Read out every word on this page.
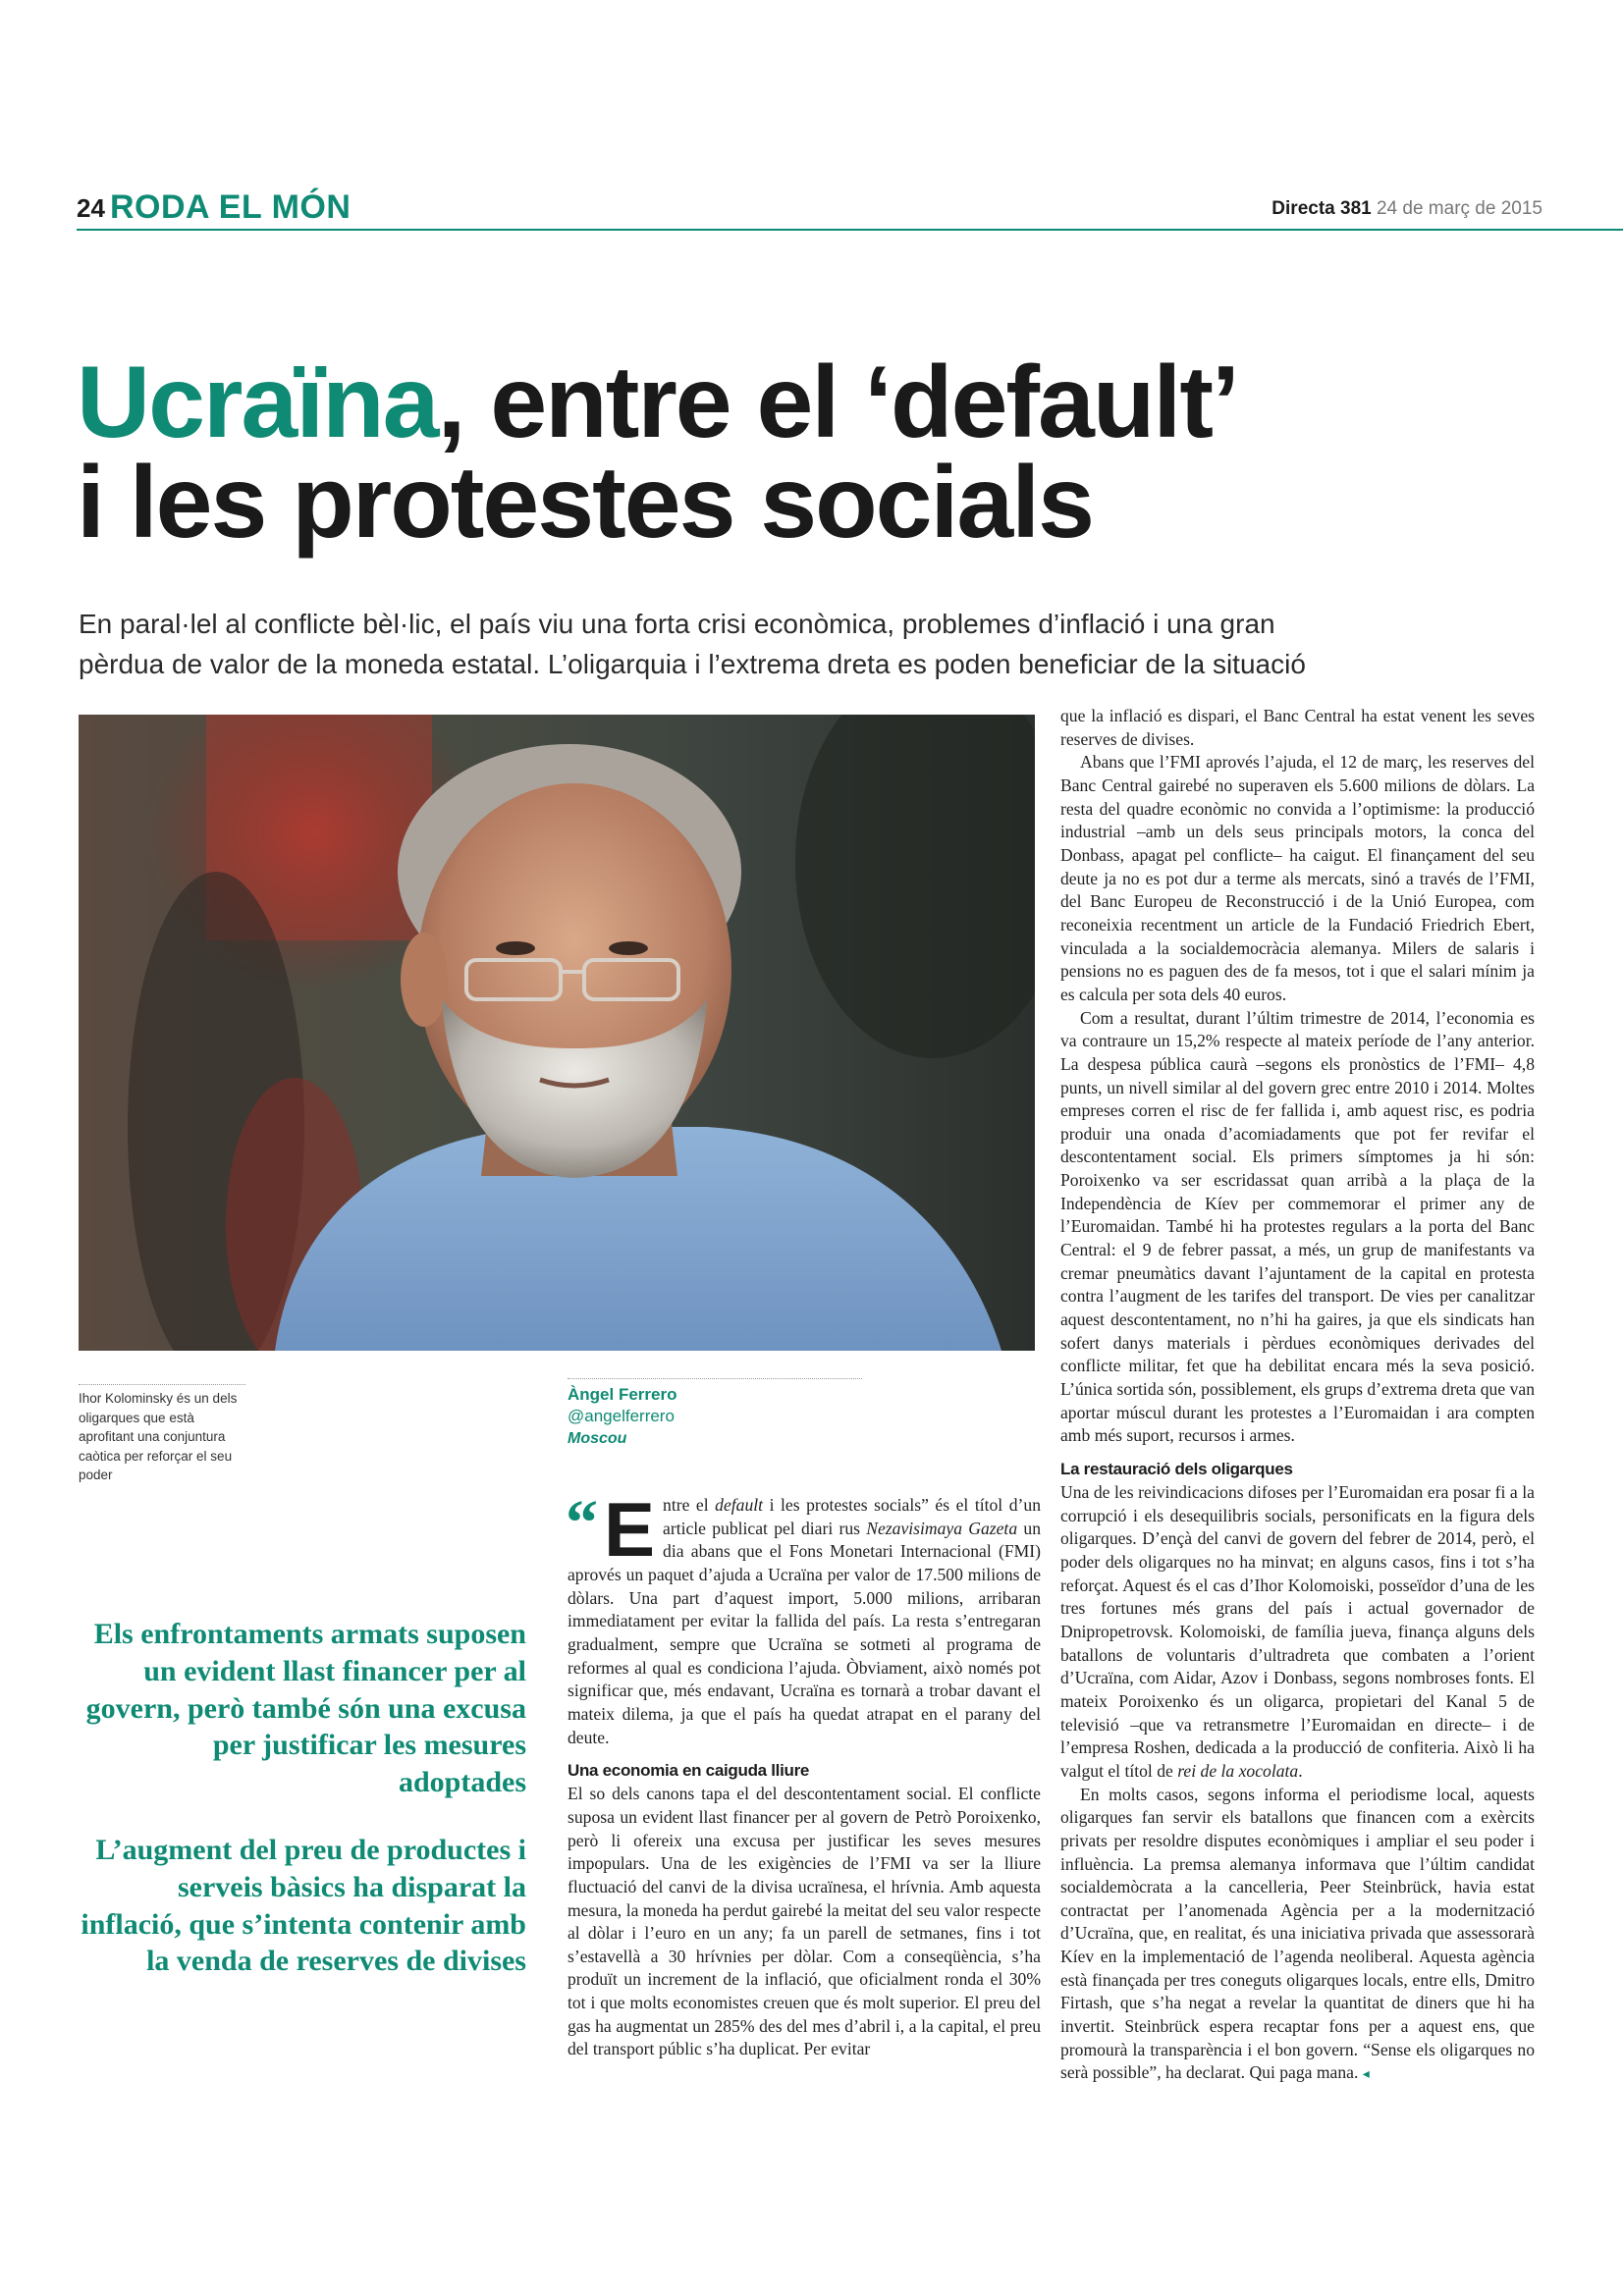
24 RODA EL MÓN	Directa 381 24 de març de 2015
Ucraïna, entre el ‘default’
i les protestes socials
En paral·lel al conflicte bèl·lic, el país viu una forta crisi econòmica, problemes d’inflació i una gran
pèrdua de valor de la moneda estatal. L’oligarquia i l’extrema dreta es poden beneficiar de la situació
Ihor Kolominsky és un dels oligarques que està aprofitant una conjuntura caòtica per reforçar el seu poder
Àngel Ferrero
@angelferrero
Moscou
Els enfrontaments armats suposen un evident llast financer per al govern, però també són una excusa per justificar les mesures adoptades
L’augment del preu de productes i serveis bàsics ha disparat la inflació, que s’intenta contenir amb la venda de reserves de divises

“ E ntre el default i les protestes socials” és el títol d’un article publicat pel diari rus Nezavisimaya Gazeta un dia abans que el Fons Monetari Internacional (FMI) aprovés un paquet d’ajuda a Ucraïna per valor de 17.500 milions de dòlars. Una part d’aquest import, 5.000 milions, arribaran immediatament per evitar la fallida del país. La resta s’entregaran gradualment, sempre que Ucraïna se sotmeti al programa de reformes al qual es condiciona l’ajuda. Òbviament, això només pot significar que, més endavant, Ucraïna es tornarà a trobar davant el mateix dilema, ja que el país ha quedat atrapat en el parany del deute.

Una economia en caiguda lliure

El so dels canons tapa el del descontentament social. El conflicte suposa un evident llast financer per al govern de Petrò Poroixenko, però li ofereix una excusa per justificar les seves mesures impopulars. Una de les exigències de l’FMI va ser la lliure fluctuació del canvi de la divisa ucraïnesa, el hrívnia. Amb aquesta mesura, la moneda ha perdut gairebé la meitat del seu valor respecte al dòlar i l’euro en un any; fa un parell de setmanes, fins i tot s’estavellà a 30 hrívnies per dòlar. Com a conseqüència, s’ha produït un increment de la inflació, que oficialment ronda el 30% tot i que molts economistes creuen que és molt superior. El preu del gas ha augmentat un 285% des del mes d’abril i, a la capital, el preu del transport públic s’ha duplicat. Per evitar

que la inflació es dispari, el Banc Central ha estat venent les seves reserves de divises.

Abans que l’FMI aprovés l’ajuda, el 12 de març, les reserves del Banc Central gairebé no superaven els 5.600 milions de dòlars. La resta del quadre econòmic no convida a l’optimisme: la producció industrial –amb un dels seus principals motors, la conca del Donbass, apagat pel conflicte– ha caigut. El finançament del seu deute ja no es pot dur a terme als mercats, sinó a través de l’FMI, del Banc Europeu de Reconstrucció i de la Unió Europea, com reconeixia recentment un article de la Fundació Friedrich Ebert, vinculada a la socialdemocràcia alemanya. Milers de salaris i pensions no es paguen des de fa mesos, tot i que el salari mínim ja es calcula per sota dels 40 euros.

Com a resultat, durant l’últim trimestre de 2014, l’economia es va contraure un 15,2% respecte al mateix període de l’any anterior. La despesa pública caurà –segons els pronòstics de l’FMI– 4,8 punts, un nivell similar al del govern grec entre 2010 i 2014. Moltes empreses corren el risc de fer fallida i, amb aquest risc, es podria produir una onada d’acomiadaments que pot fer revifar el descontentament social. Els primers símptomes ja hi són: Poroixenko va ser escridassat quan arribà a la plaça de la Independència de Kíev per commemorar el primer any de l’Euromaidan. També hi ha protestes regulars a la porta del Banc Central: el 9 de febrer passat, a més, un grup de manifestants va cremar pneumàtics davant l’ajuntament de la capital en protesta contra l’augment de les tarifes del transport. De vies per canalitzar aquest descontentament, no n’hi ha gaires, ja que els sindicats han sofert danys materials i pèrdues econòmiques derivades del conflicte militar, fet que ha debilitat encara més la seva posició. L’única sortida són, possiblement, els grups d’extrema dreta que van aportar múscul durant les protestes a l’Euromaidan i ara compten amb més suport, recursos i armes.

La restauració dels oligarques

Una de les reivindicacions difoses per l’Euromaidan era posar fi a la corrupció i els desequilibris socials, personificats en la figura dels oligarques. D’ençà del canvi de govern del febrer de 2014, però, el poder dels oligarques no ha minvat; en alguns casos, fins i tot s’ha reforçat. Aquest és el cas d’Ihor Kolomoiski, posseïdor d’una de les tres fortunes més grans del país i actual governador de Dnipropetrovsk. Kolomoiski, de família jueva, finança alguns dels batallons de voluntaris d’ultradreta que combaten a l’orient d’Ucraïna, com Aidar, Azov i Donbass, segons nombroses fonts. El mateix Poroixenko és un oligarca, propietari del Kanal 5 de televisió –que va retransmetre l’Euromaidan en directe– i de l’empresa Roshen, dedicada a la producció de confiteria. Això li ha valgut el títol de rei de la xocolata.

En molts casos, segons informa el periodisme local, aquests oligarques fan servir els batallons que financen com a exèrcits privats per resoldre disputes econòmiques i ampliar el seu poder i influència. La premsa alemanya informava que l’últim candidat socialdemòcrata a la cancelleria, Peer Steinbrück, havia estat contractat per l’anomenada Agència per a la modernització d’Ucraïna, que, en realitat, és una iniciativa privada que assessorarà Kíev en la implementació de l’agenda neoliberal. Aquesta agència està finançada per tres coneguts oligarques locals, entre ells, Dmitro Firtash, que s’ha negat a revelar la quantitat de diners que hi ha invertit. Steinbrück espera recaptar fons per a aquest ens, que promourà la transparència i el bon govern. “Sense els oligarques no serà possible”, ha declarat. Qui paga mana. ◂
